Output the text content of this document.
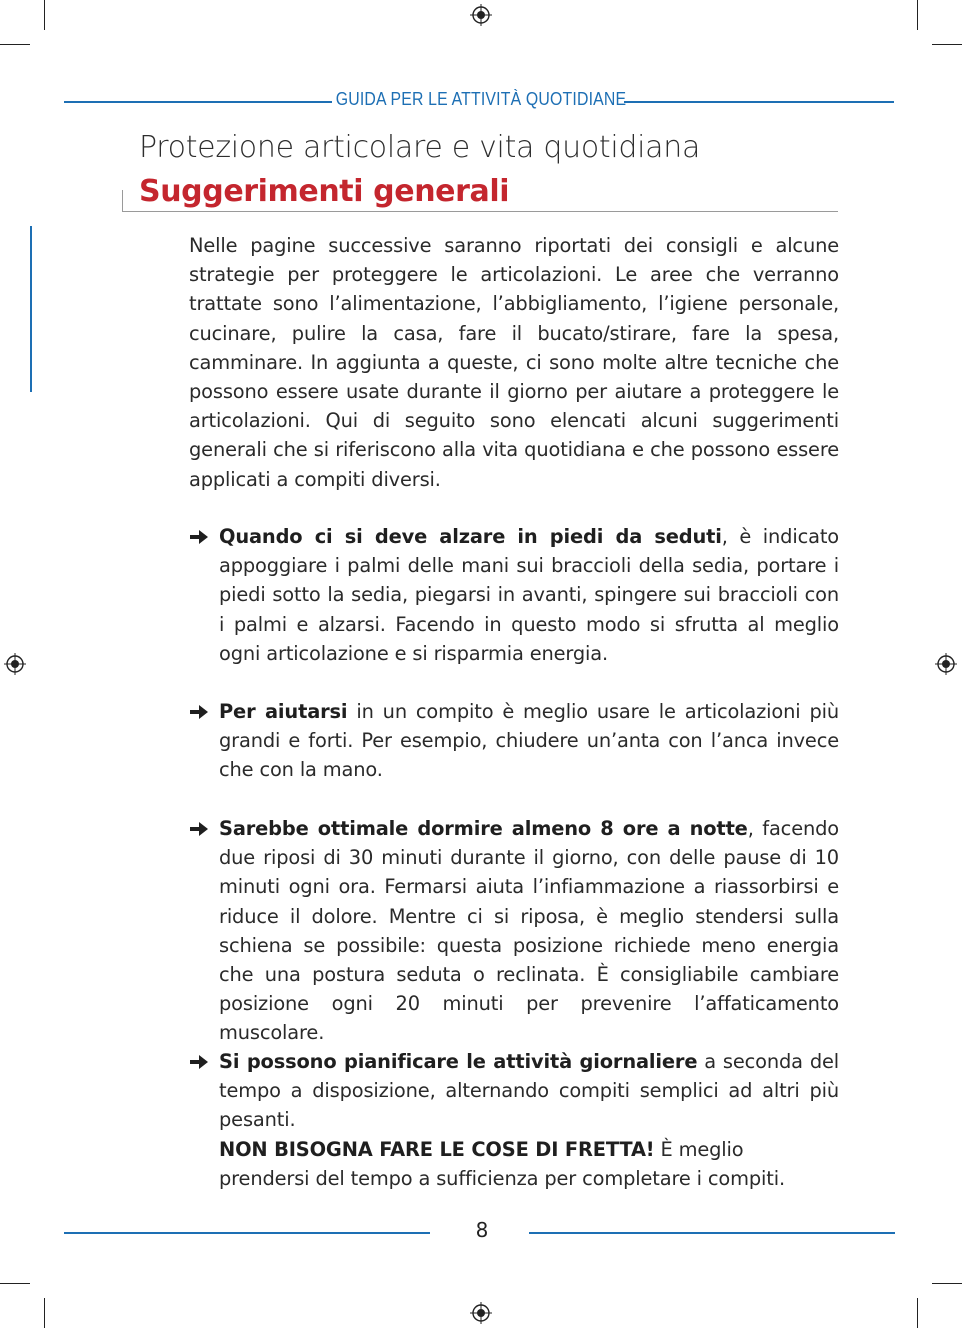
GUIDA PER LE ATTIVITÀ QUOTIDIANE
Protezione articolare e vita quotidiana
Suggerimenti generali
Nelle pagine successive saranno riportati dei consigli e alcune strategie per proteggere le articolazioni. Le aree che verranno trattate sono l’alimentazione, l’abbigliamento, l’igiene personale, cucinare, pulire la casa, fare il bucato/stirare, fare la spesa, camminare. In aggiunta a queste, ci sono molte altre tecniche che possono essere usate durante il giorno per aiutare a proteggere le articolazioni. Qui di seguito sono elencati alcuni suggerimenti generali che si riferiscono alla vita quotidiana e che possono essere applicati a compiti diversi.
Quando ci si deve alzare in piedi da seduti, è indicato appoggiare i palmi delle mani sui braccioli della sedia, portare i piedi sotto la sedia, piegarsi in avanti, spingere sui braccioli con i palmi e alzarsi. Facendo in questo modo si sfrutta al meglio ogni articolazione e si risparmia energia.
Per aiutarsi in un compito è meglio usare le articolazioni più grandi e forti. Per esempio, chiudere un’anta con l’anca invece che con la mano.
Sarebbe ottimale dormire almeno 8 ore a notte, facendo due riposi di 30 minuti durante il giorno, con delle pause di 10 minuti ogni ora. Fermarsi aiuta l’infiammazione a riassorbirsi e riduce il dolore. Mentre ci si riposa, è meglio stendersi sulla schiena se possibile: questa posizione richiede meno energia che una postura seduta o reclinata. È consigliabile cambiare posizione ogni 20 minuti per prevenire l’affaticamento muscolare.
Si possono pianificare le attività giornaliere a seconda del tempo a disposizione, alternando compiti semplici ad altri più pesanti.
NON BISOGNA FARE LE COSE DI FRETTA! È meglio prendersi del tempo a sufficienza per completare i compiti.
8
